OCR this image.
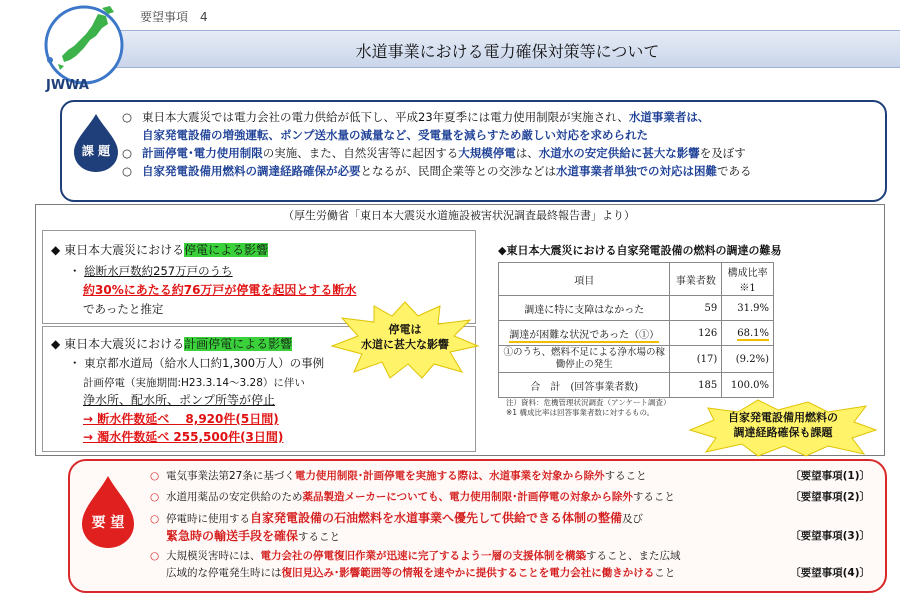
要望事項　4
水道事業における電力確保対策等について
JWWA
課 題
○ 東日本大震災では電力会社の電力供給が低下し、平成23年夏季には電力使用制限が実施され、水道事業者は、
自家発電設備の増強運転、ポンプ送水量の減量など、受電量を減らすため厳しい対応を求められた
○ 計画停電･電力使用制限の実施、また、自然災害等に起因する大規模停電は、水道水の安定供給に甚大な影響を及ぼす
○ 自家発電設備用燃料の調達経路確保が必要となるが、民間企業等との交渉などは水道事業者単独での対応は困難である
（厚生労働省「東日本大震災水道施設被害状況調査最終報告書」より）
◆ 東日本大震災における停電による影響
・ 総断水戸数約257万戸のうち
約30%にあたる約76万戸が停電を起因とする断水
であったと推定
◆ 東日本大震災における計画停電による影響
・ 東京都水道局（給水人口約1,300万人）の事例
計画停電（実施期間:H23.3.14～3.28）に伴い
浄水所、配水所、ポンプ所等が停止
→ 断水件数延べ　 8,920件(5日間)
→ 濁水件数延べ 255,500件(3日間)
停電は
水道に甚大な影響
◆東日本大震災における自家発電設備の燃料の調達の難易
項目	事業者数	構成比率※1
調達に特に支障はなかった	59	31.9%
調達が困難な状況であった（①）	126	68.1%
①のうち、燃料不足による浄水場の稼働停止の発生	(17)	(9.2%)
合　計　(回答事業者数)	185	100.0%
注）資料：危機管理状況調査（アンケート調査）
※1 構成比率は回答事業者数に対するもの。	自家発電設備用燃料の
調達経路確保も課題
要 望
○ 電気事業法第27条に基づく電力使用制限･計画停電を実施する際は、水道事業を対象から除外すること	〔要望事項(1)〕
○ 水道用薬品の安定供給のため薬品製造メーカーについても、電力使用制限･計画停電の対象から除外すること	〔要望事項(2)〕
○ 停電時に使用する自家発電設備の石油燃料を水道事業へ優先して供給できる体制の整備及び
緊急時の輸送手段を確保すること	〔要望事項(3)〕
○ 大規模災害時には、電力会社の停電復旧作業が迅速に完了するよう一層の支援体制を構築すること、また広域
広域的な停電発生時には復旧見込み･影響範囲等の情報を速やかに提供することを電力会社に働きかけること	〔要望事項(4)〕
